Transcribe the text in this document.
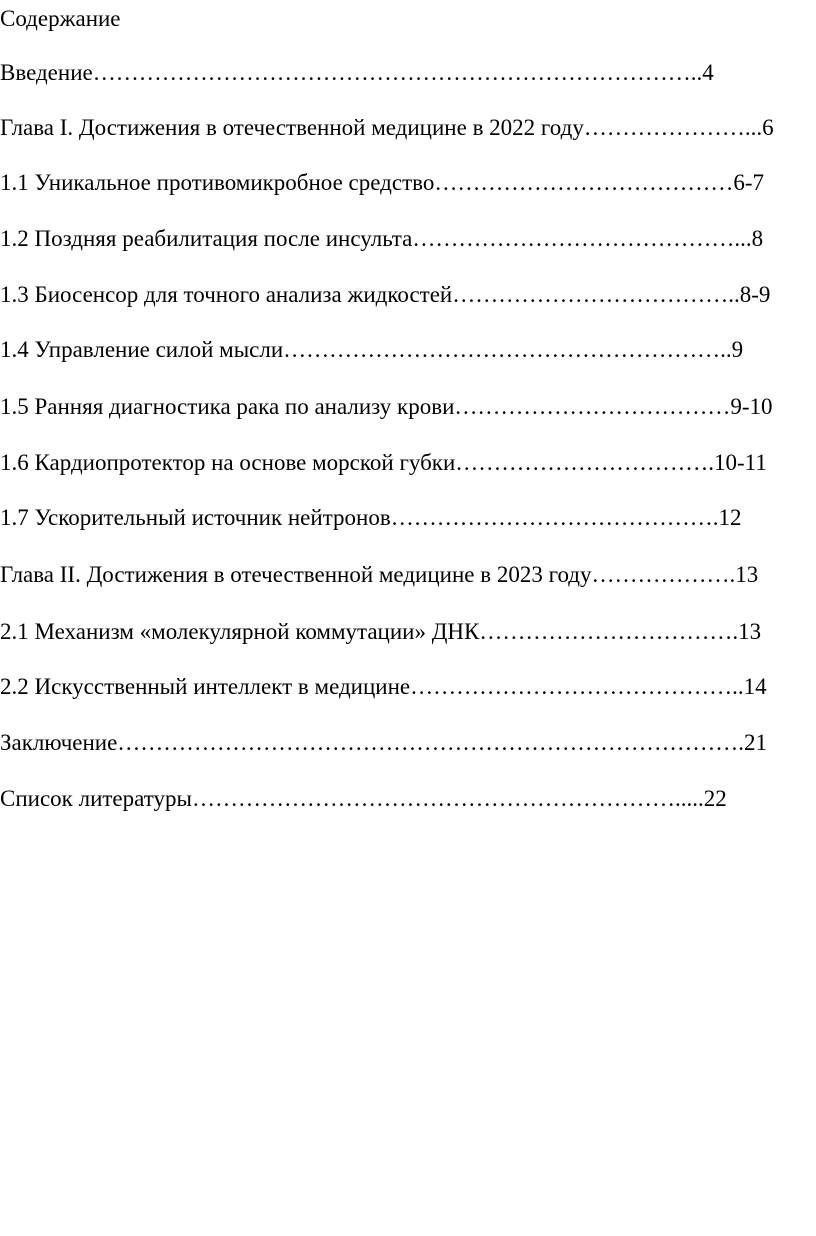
Содержание
Введение……………………………………………………………………..4
Глава I. Достижения в отечественной медицине в 2022 году…………………...6
1.1 Уникальное противомикробное средство…………………………………6-7
1.2 Поздняя реабилитация после инсульта……………………………………...8
1.3 Биосенсор для точного анализа жидкостей………………………………..8-9
1.4 Управление силой мысли…………………………………………………..9
1.5 Ранняя диагностика рака по анализу крови………………………………9-10
1.6 Кардиопротектор на основе морской губки…………………………….10-11
1.7 Ускорительный источник нейтронов…………………………………….12
Глава II. Достижения в отечественной медицине в 2023 году……………….13
2.1 Механизм «молекулярной коммутации» ДНК…………………………….13
2.2 Искусственный интеллект в медицине……………………………………..14
Заключение……………………………………………………………………….21
Список литературы……………………………………………………….....22
